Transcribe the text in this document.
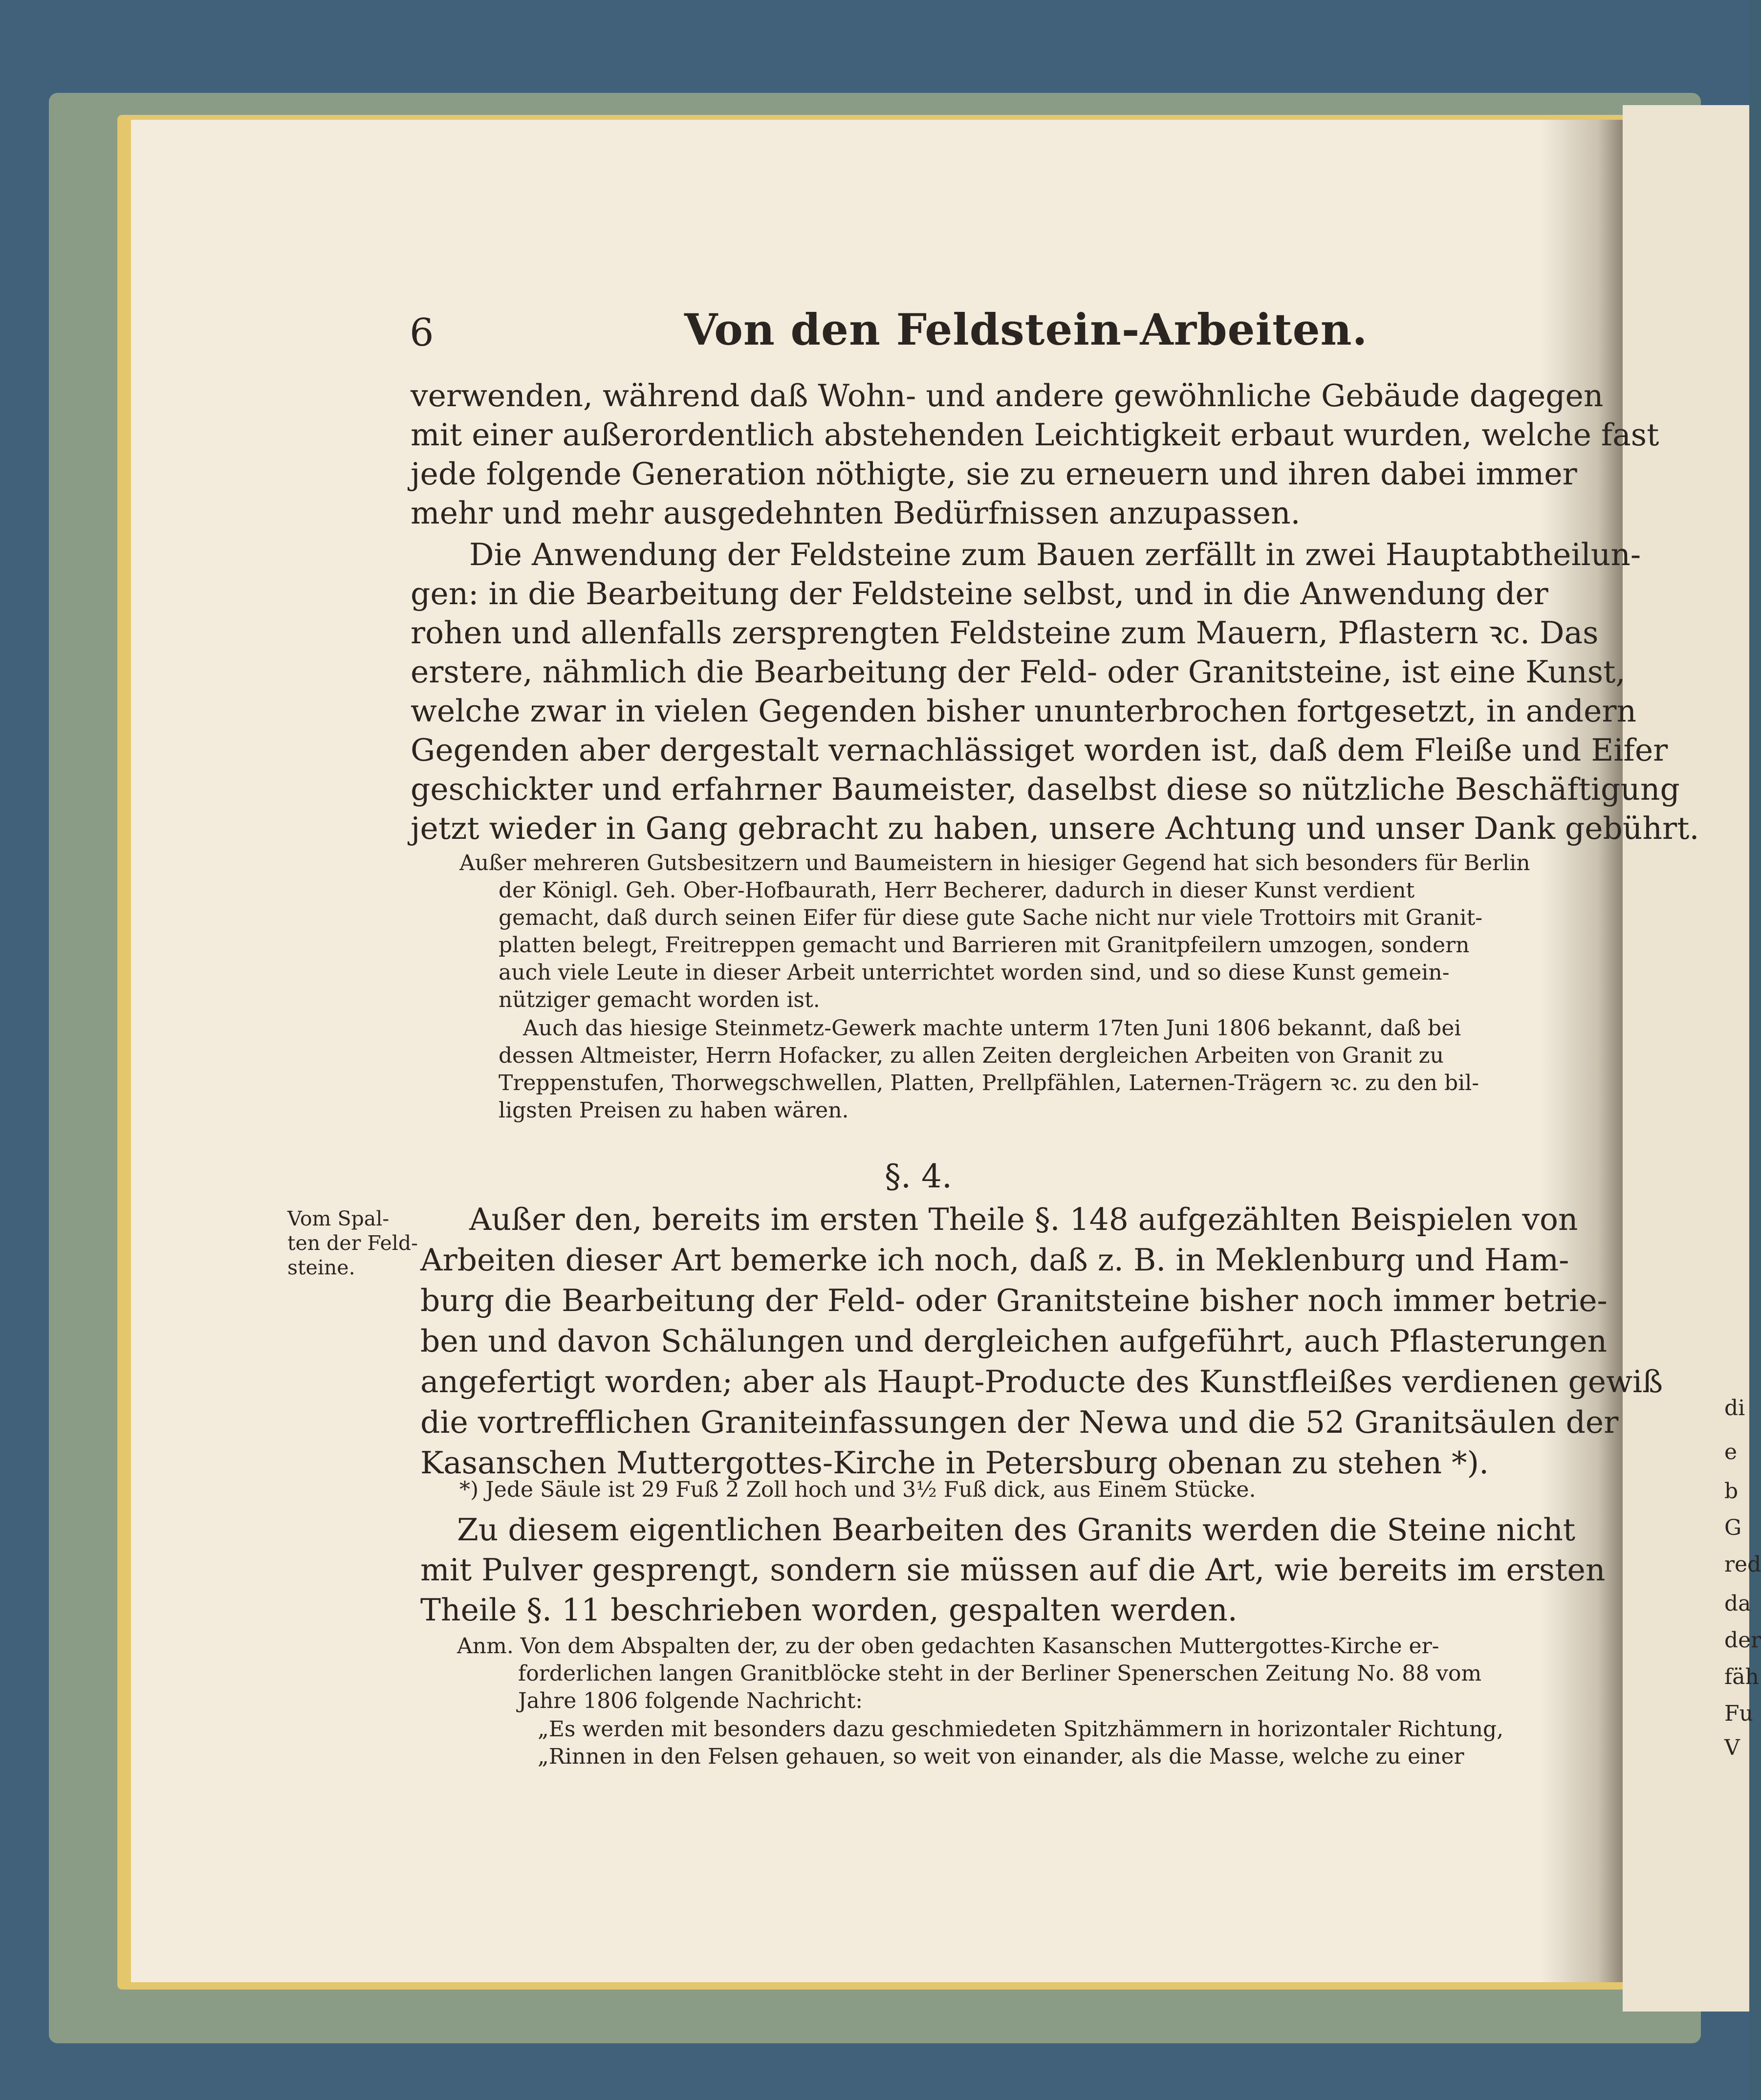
6	Von den Feldstein-Arbeiten.
verwenden, während daß Wohn- und andere gewöhnliche Gebäude dagegen
mit einer außerordentlich abstehenden Leichtigkeit erbaut wurden, welche fast
jede folgende Generation nöthigte, sie zu erneuern und ihren dabei immer
mehr und mehr ausgedehnten Bedürfnissen anzupassen.
Die Anwendung der Feldsteine zum Bauen zerfällt in zwei Hauptabtheilun-
gen: in die Bearbeitung der Feldsteine selbst, und in die Anwendung der
rohen und allenfalls zersprengten Feldsteine zum Mauern, Pflastern ꝛc. Das
erstere, nähmlich die Bearbeitung der Feld- oder Granitsteine, ist eine Kunst,
welche zwar in vielen Gegenden bisher ununterbrochen fortgesetzt, in andern
Gegenden aber dergestalt vernachlässiget worden ist, daß dem Fleiße und Eifer
geschickter und erfahrner Baumeister, daselbst diese so nützliche Beschäftigung
jetzt wieder in Gang gebracht zu haben, unsere Achtung und unser Dank gebührt.
Außer mehreren Gutsbesitzern und Baumeistern in hiesiger Gegend hat sich besonders für Berlin
der Königl. Geh. Ober-Hofbaurath, Herr Becherer, dadurch in dieser Kunst verdient
gemacht, daß durch seinen Eifer für diese gute Sache nicht nur viele Trottoirs mit Granit-
platten belegt, Freitreppen gemacht und Barrieren mit Granitpfeilern umzogen, sondern
auch viele Leute in dieser Arbeit unterrichtet worden sind, und so diese Kunst gemein-
nütziger gemacht worden ist.
Auch das hiesige Steinmetz-Gewerk machte unterm 17ten Juni 1806 bekannt, daß bei
dessen Altmeister, Herrn Hofacker, zu allen Zeiten dergleichen Arbeiten von Granit zu
Treppenstufen, Thorwegschwellen, Platten, Prellpfählen, Laternen-Trägern ꝛc. zu den bil-
ligsten Preisen zu haben wären.
§. 4.
Vom Spal-
ten der Feld-
steine.
Außer den, bereits im ersten Theile §. 148 aufgezählten Beispielen von
Arbeiten dieser Art bemerke ich noch, daß z. B. in Meklenburg und Ham-
burg die Bearbeitung der Feld- oder Granitsteine bisher noch immer betrie-
ben und davon Schälungen und dergleichen aufgeführt, auch Pflasterungen
angefertigt worden; aber als Haupt-Producte des Kunstfleißes verdienen gewiß
die vortrefflichen Graniteinfassungen der Newa und die 52 Granitsäulen der
Kasanschen Muttergottes-Kirche in Petersburg obenan zu stehen *).
*) Jede Säule ist 29 Fuß 2 Zoll hoch und 3½ Fuß dick, aus Einem Stücke.
Zu diesem eigentlichen Bearbeiten des Granits werden die Steine nicht
mit Pulver gesprengt, sondern sie müssen auf die Art, wie bereits im ersten
Theile §. 11 beschrieben worden, gespalten werden.
Anm. Von dem Abspalten der, zu der oben gedachten Kasanschen Muttergottes-Kirche er-
forderlichen langen Granitblöcke steht in der Berliner Spenerschen Zeitung No. 88 vom
Jahre 1806 folgende Nachricht:
„Es werden mit besonders dazu geschmiedeten Spitzhämmern in horizontaler Richtung,
„Rinnen in den Felsen gehauen, so weit von einander, als die Masse, welche zu einer
di
e
b
G
red
da
der
fäh
Fu
V
